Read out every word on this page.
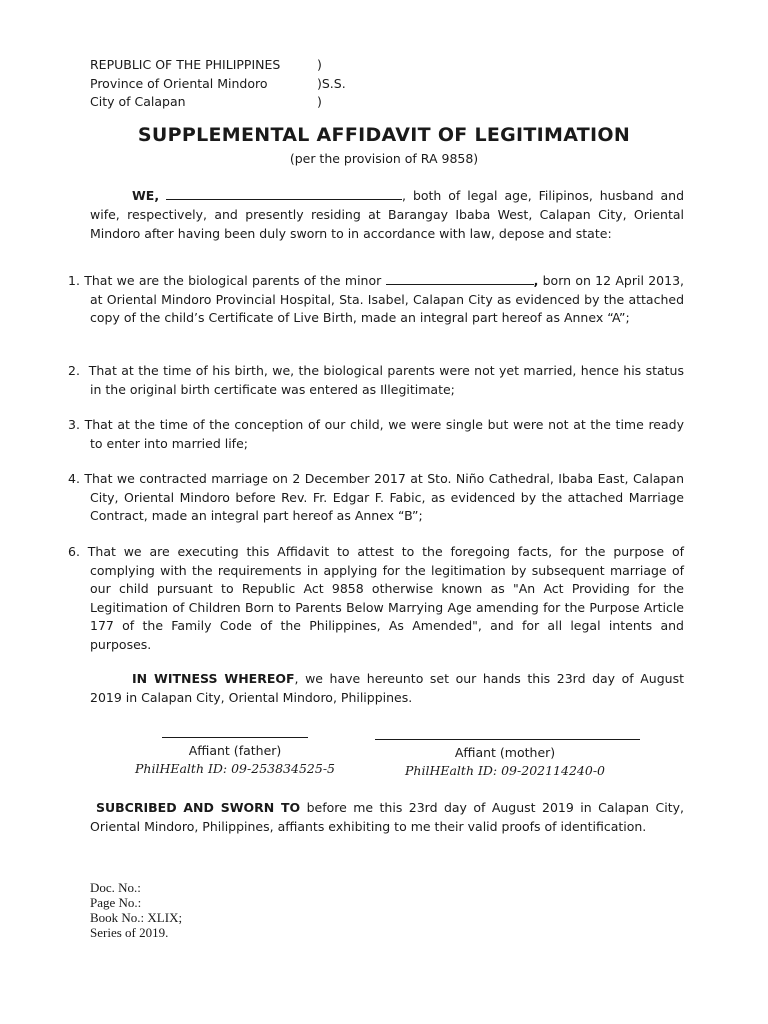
REPUBLIC OF THE PHILIPPINES	)
Province of Oriental Mindoro	)S.S.
City of Calapan	)
SUPPLEMENTAL AFFIDAVIT OF LEGITIMATION
(per the provision of RA 9858)
WE,	, both of legal age, Filipinos, husband and wife, respectively, and presently residing at Barangay Ibaba West, Calapan City, Oriental Mindoro after having been duly sworn to in accordance with law, depose and state:
1. That we are the biological parents of the minor	, born on 12 April 2013, at Oriental Mindoro Provincial Hospital, Sta. Isabel, Calapan City as evidenced by the attached copy of the child’s Certificate of Live Birth, made an integral part hereof as Annex “A”;
2. That at the time of his birth, we, the biological parents were not yet married, hence his status in the original birth certificate was entered as Illegitimate;
3. That at the time of the conception of our child, we were single but were not at the time ready to enter into married life;
4. That we contracted marriage on 2 December 2017 at Sto. Niño Cathedral, Ibaba East, Calapan City, Oriental Mindoro before Rev. Fr. Edgar F. Fabic, as evidenced by the attached Marriage Contract, made an integral part hereof as Annex “B”;
6. That we are executing this Affidavit to attest to the foregoing facts, for the purpose of complying with the requirements in applying for the legitimation by subsequent marriage of our child pursuant to Republic Act 9858 otherwise known as "An Act Providing for the Legitimation of Children Born to Parents Below Marrying Age amending for the Purpose Article 177 of the Family Code of the Philippines, As Amended", and for all legal intents and purposes.
IN WITNESS WHEREOF, we have hereunto set our hands this 23rd day of August 2019 in Calapan City, Oriental Mindoro, Philippines.
Affiant (father)
PhilHEalth ID: 09-253834525-5
Affiant (mother)
PhilHEalth ID: 09-202114240-0
SUBCRIBED AND SWORN TO before me this 23rd day of August 2019 in Calapan City, Oriental Mindoro, Philippines, affiants exhibiting to me their valid proofs of identification.
Doc. No.:
Page No.:
Book No.: XLIX;
Series of 2019.
